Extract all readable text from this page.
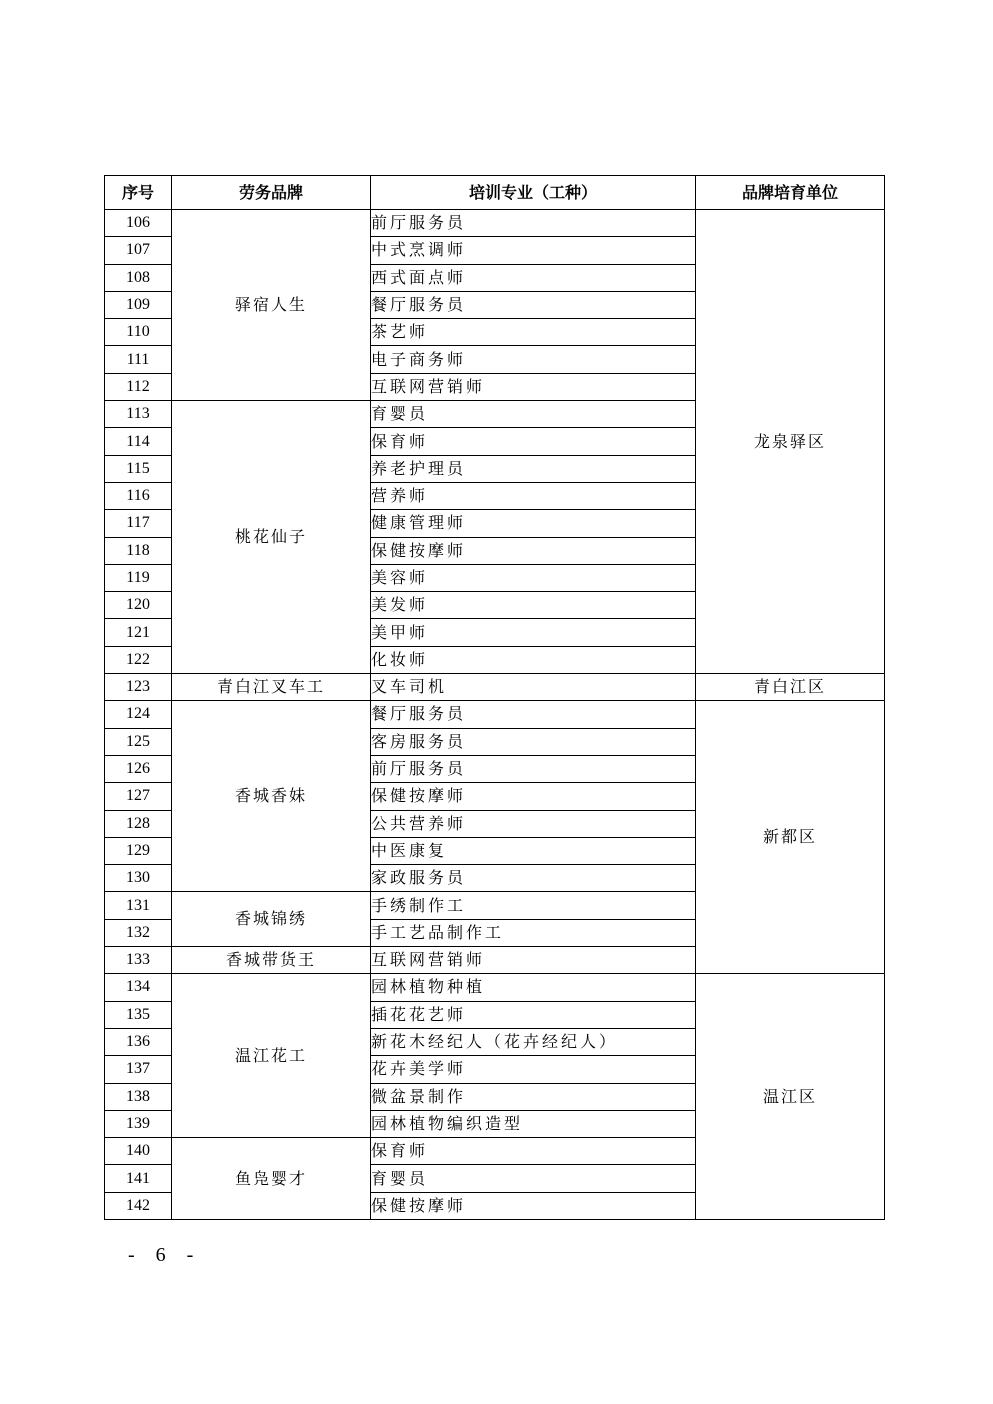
序号	劳务品牌	培训专业（工种）	品牌培育单位
106	驿宿人生	前厅服务员	龙泉驿区
107		中式烹调师	
108		西式面点师	
109		餐厅服务员	
110		茶艺师	
111		电子商务师	
112		互联网营销师	
113	桃花仙子	育婴员	
114		保育师	
115		养老护理员	
116		营养师	
117		健康管理师	
118		保健按摩师	
119		美容师	
120		美发师	
121		美甲师	
122		化妆师	
123	青白江叉车工	叉车司机	青白江区
124	香城香妹	餐厅服务员	新都区
125		客房服务员	
126		前厅服务员	
127		保健按摩师	
128		公共营养师	
129		中医康复	
130		家政服务员	
131	香城锦绣	手绣制作工	
132		手工艺品制作工	
133	香城带货王	互联网营销师	
134	温江花工	园林植物种植	温江区
135		插花花艺师	
136		新花木经纪人（花卉经纪人）	
137		花卉美学师	
138		微盆景制作	
139		园林植物编织造型	
140	鱼凫婴才	保育师	
141		育婴员	
142		保健按摩师	
- 6 -
